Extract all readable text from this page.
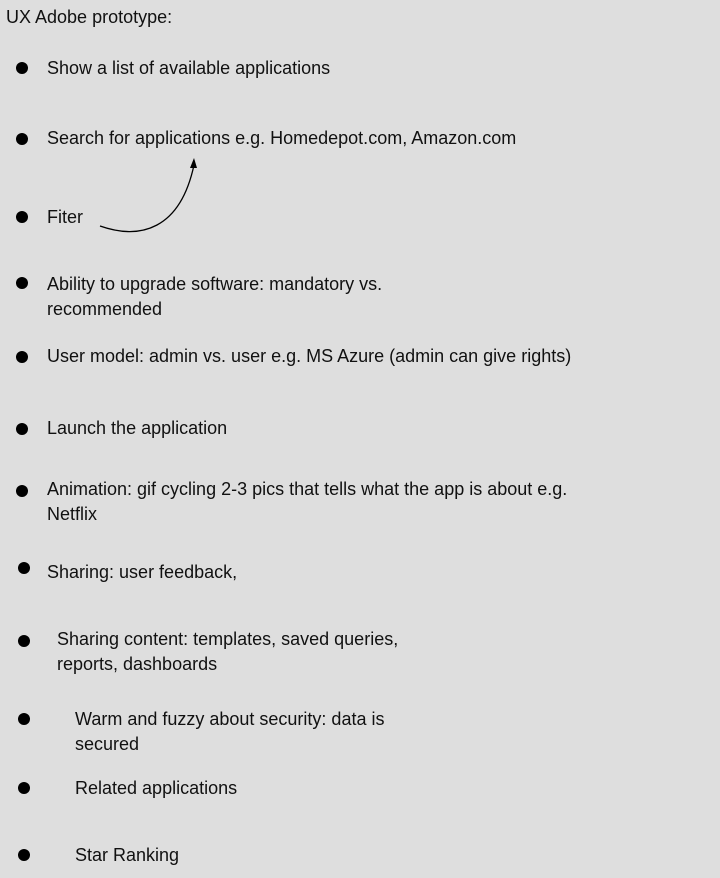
UX Adobe prototype:
Show a list of available applications
Search for applications e.g. Homedepot.com, Amazon.com
Fiter
Ability to upgrade software: mandatory vs.
recommended
User model: admin vs. user e.g. MS Azure (admin can give rights)
Launch the application
Animation: gif cycling 2-3 pics that tells what the app is about e.g.
Netflix
Sharing: user feedback,
Sharing content: templates, saved queries,
reports, dashboards
Warm and fuzzy about security: data is
secured
Related applications
Star Ranking
